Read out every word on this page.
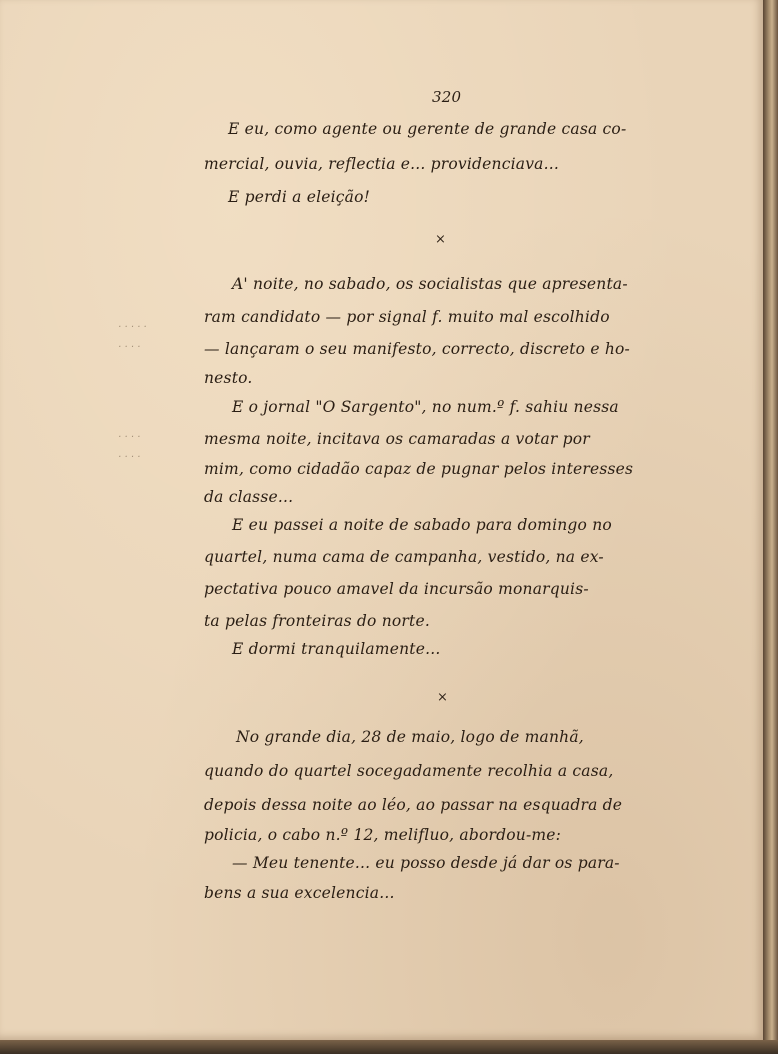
320
E eu, como agente ou gerente de grande casa co-
mercial, ouvia, reflectia e... providenciava...
E perdi a eleição!
×
A' noite, no sabado, os socialistas que apresenta-
ram candidato — por signal f. muito mal escolhido
— lançaram o seu manifesto, correcto, discreto e ho-
nesto.
E o jornal "O Sargento", no num.º f. sahiu nessa
mesma noite, incitava os camaradas a votar por
mim, como cidadão capaz de pugnar pelos interesses
da classe...
E eu passei a noite de sabado para domingo no
quartel, numa cama de campanha, vestido, na ex-
pectativa pouco amavel da incursão monarquis-
ta pelas fronteiras do norte.
E dormi tranquilamente...
×
No grande dia, 28 de maio, logo de manhã,
quando do quartel socegadamente recolhia a casa,
depois dessa noite ao léo, ao passar na esquadra de
policia, o cabo n.º 12, melifluo, abordou-me:
— Meu tenente... eu posso desde já dar os para-
bens a sua excelencia...
· · · · ·
· · · ·
· · · ·
· · · ·
